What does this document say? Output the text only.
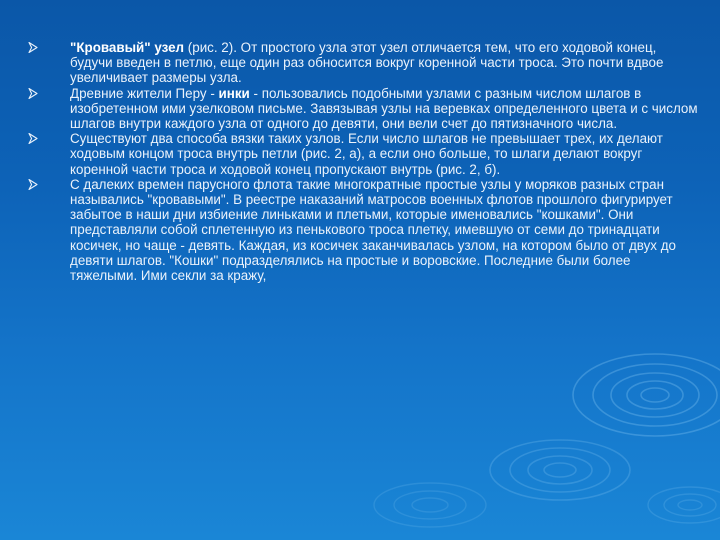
"Кровавый" узел (рис. 2). От простого узла этот узел отличается тем, что его ходовой конец, будучи введен в петлю, еще один раз обносится вокруг коренной части троса. Это почти вдвое увеличивает размеры узла.
Древние жители Перу - инки - пользовались подобными узлами с разным числом шлагов в изобретенном ими узелковом письме. Завязывая узлы на веревках определенного цвета и с числом шлагов внутри каждого узла от одного до девяти, они вели счет до пятизначного числа.
Существуют два способа вязки таких узлов. Если число шлагов не превышает трех, их делают ходовым концом троса внутрь петли (рис. 2, а), а если оно больше, то шлаги делают вокруг коренной части троса и ходовой конец пропускают внутрь (рис. 2, б).
С далеких времен парусного флота такие многократные простые узлы у моряков разных стран назывались "кровавыми". В реестре наказаний матросов военных флотов прошлого фигурирует забытое в наши дни избиение линьками и плетьми, которые именовались "кошками". Они представляли собой сплетенную из пенькового троса плетку, имевшую от семи до тринадцати косичек, но чаще - девять. Каждая, из косичек заканчивалась узлом, на котором было от двух до девяти шлагов. "Кошки" подразделялись на простые и воровские. Последние были более тяжелыми. Ими секли за кражу,
